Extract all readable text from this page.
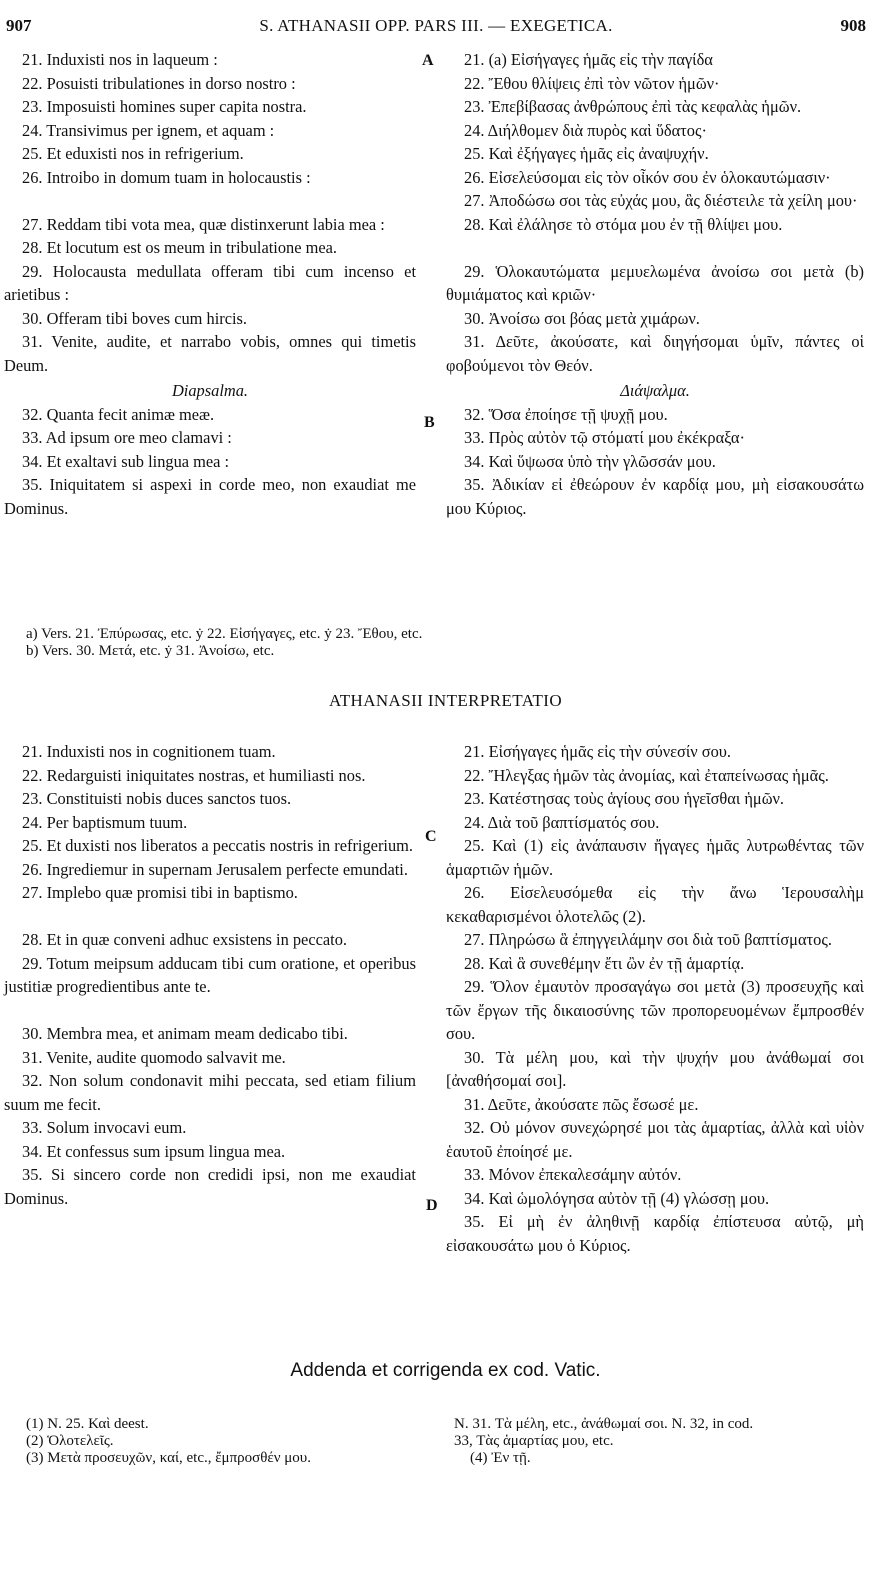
907	S. ATHANASII OPP. PARS III. — EXEGETICA.	908

21. Induxisti nos in laqueum :

22. Posuisti tribulationes in dorso nostro :

23. Imposuisti homines super capita nostra.

24. Transivimus per ignem, et aquam :

25. Et eduxisti nos in refrigerium.

26. Introibo in domum tuam in holocaustis :

27. Reddam tibi vota mea, quæ distinxerunt labia mea :

28. Et locutum est os meum in tribulatione mea.

29. Holocausta medullata offeram tibi cum incenso et arietibus :

30. Offeram tibi boves cum hircis.

31. Venite, audite, et narrabo vobis, omnes qui timetis Deum.

Diapsalma.

32. Quanta fecit animæ meæ.

33. Ad ipsum ore meo clamavi :

34. Et exaltavi sub lingua mea :

35. Iniquitatem si aspexi in corde meo, non exaudiat me Dominus.

21. (a) Εἰσήγαγες ἡμᾶς εἰς τὴν παγίδα

22. Ἔθου θλίψεις ἐπὶ τὸν νῶτον ἡμῶν·

23. Ἐπεβίβασας ἀνθρώπους ἐπὶ τὰς κεφαλὰς ἡμῶν.

24. Διήλθομεν διὰ πυρὸς καὶ ὕδατος·

25. Καὶ ἐξήγαγες ἡμᾶς εἰς ἀναψυχήν.

26. Εἰσελεύσομαι εἰς τὸν οἶκόν σου ἐν ὁλοκαυτώμασιν·

27. Ἀποδώσω σοι τὰς εὐχάς μου, ἃς διέστειλε τὰ χείλη μου·

28. Καὶ ἐλάλησε τὸ στόμα μου ἐν τῇ θλίψει μου.

29. Ὁλοκαυτώματα μεμυελωμένα ἀνοίσω σοι μετὰ (b) θυμιάματος καὶ κριῶν·

30. Ἀνοίσω σοι βόας μετὰ χιμάρων.

31. Δεῦτε, ἀκούσατε, καὶ διηγήσομαι ὑμῖν, πάντες οἱ φοβούμενοι τὸν Θεόν.

Διάψαλμα.

32. Ὅσα ἐποίησε τῇ ψυχῇ μου.

33. Πρὸς αὐτὸν τῷ στόματί μου ἐκέκραξα·

34. Καὶ ὕψωσα ὑπὸ τὴν γλῶσσάν μου.

35. Ἀδικίαν εἰ ἐθεώρουν ἐν καρδίᾳ μου, μὴ εἰσακουσάτω μου Κύριος.

A
B

a) Vers. 21. Ἐπύρωσας, etc. ẏ 22. Εἰσήγαγες, etc. ẏ 23. Ἔθου, etc.

b) Vers. 30. Μετά, etc. ẏ 31. Ἀνοίσω, etc.

ATHANASII INTERPRETATIO

21. Induxisti nos in cognitionem tuam.

22. Redarguisti iniquitates nostras, et humiliasti nos.

23. Constituisti nobis duces sanctos tuos.

24. Per baptismum tuum.

25. Et duxisti nos liberatos a peccatis nostris in refrigerium.

26. Ingrediemur in supernam Jerusalem perfecte emundati.

27. Implebo quæ promisi tibi in baptismo.

28. Et in quæ conveni adhuc exsistens in peccato.

29. Totum meipsum adducam tibi cum oratione, et operibus justitiæ progredientibus ante te.

30. Membra mea, et animam meam dedicabo tibi.

31. Venite, audite quomodo salvavit me.

32. Non solum condonavit mihi peccata, sed etiam filium suum me fecit.

33. Solum invocavi eum.

34. Et confessus sum ipsum lingua mea.

35. Si sincero corde non credidi ipsi, non me exaudiat Dominus.

21. Εἰσήγαγες ἡμᾶς εἰς τὴν σύνεσίν σου.

22. Ἤλεγξας ἡμῶν τὰς ἀνομίας, καὶ ἐταπείνωσας ἡμᾶς.

23. Κατέστησας τοὺς ἁγίους σου ἡγεῖσθαι ἡμῶν.

24. Διὰ τοῦ βαπτίσματός σου.

25. Καὶ (1) εἰς ἀνάπαυσιν ἤγαγες ἡμᾶς λυτρωθέντας τῶν ἁμαρτιῶν ἡμῶν.

26. Εἰσελευσόμεθα εἰς τὴν ἄνω Ἱερουσαλὴμ κεκαθαρισμένοι ὁλοτελῶς (2).

27. Πληρώσω ἃ ἐπηγγειλάμην σοι διὰ τοῦ βαπτίσματος.

28. Καὶ ἃ συνεθέμην ἔτι ὢν ἐν τῇ ἁμαρτίᾳ.

29. Ὅλον ἐμαυτὸν προσαγάγω σοι μετὰ (3) προσευχῆς καὶ τῶν ἔργων τῆς δικαιοσύνης τῶν προπορευομένων ἔμπροσθέν σου.

30. Τὰ μέλη μου, καὶ τὴν ψυχήν μου ἀνάθωμαί σοι [ἀναθήσομαί σοι].

31. Δεῦτε, ἀκούσατε πῶς ἔσωσέ με.

32. Οὐ μόνον συνεχώρησέ μοι τὰς ἁμαρτίας, ἀλλὰ καὶ υἱὸν ἑαυτοῦ ἐποίησέ με.

33. Μόνον ἐπεκαλεσάμην αὐτόν.

34. Καὶ ὡμολόγησα αὐτὸν τῇ (4) γλώσσῃ μου.

35. Εἰ μὴ ἐν ἀληθινῇ καρδίᾳ ἐπίστευσα αὐτῷ, μὴ εἰσακουσάτω μου ὁ Κύριος.

C
D
Addenda et corrigenda ex cod. Vatic.

(1) N. 25. Καὶ deest.

(2) Ὁλοτελεῖς.

(3) Μετὰ προσευχῶν, καί, etc., ἔμπροσθέν μου.

N. 31. Τὰ μέλη, etc., ἀνάθωμαί σοι. N. 32, in cod.

33, Τὰς ἁμαρτίας μου, etc.

(4) Ἐν τῇ.
